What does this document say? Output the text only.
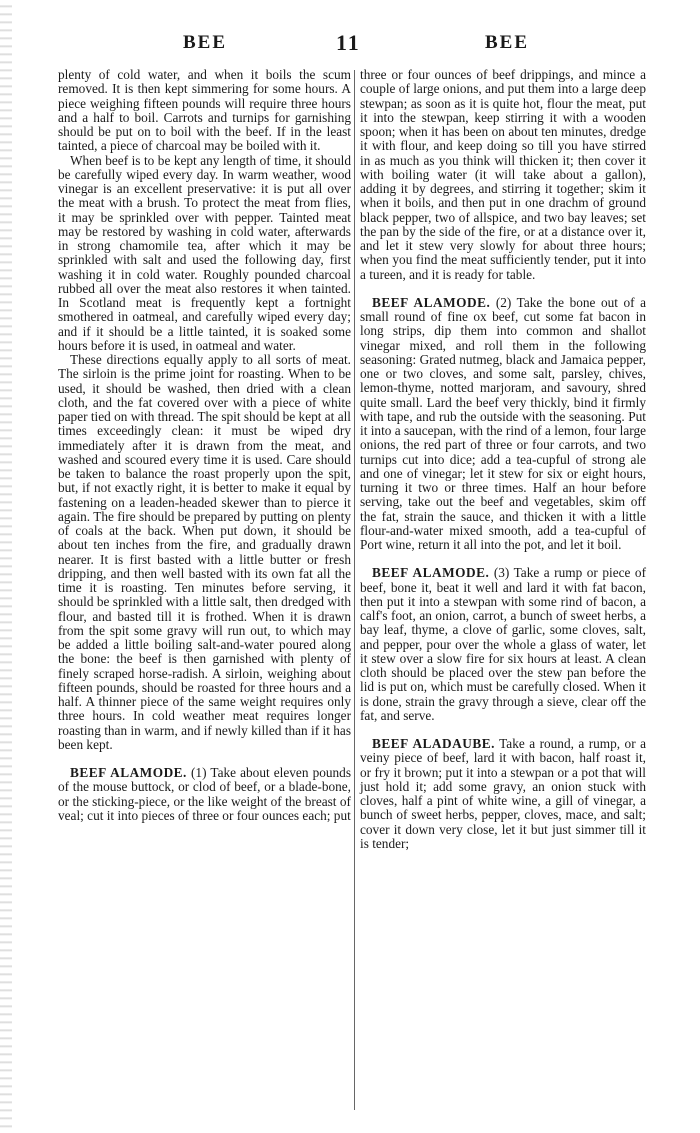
BEE	11	BEE

plenty of cold water, and when it boils the scum removed. It is then kept simmering for some hours. A piece weighing fifteen pounds will require three hours and a half to boil. Carrots and turnips for garnishing should be put on to boil with the beef. If in the least tainted, a piece of charcoal may be boiled with it.

When beef is to be kept any length of time, it should be carefully wiped every day. In warm weather, wood vinegar is an excellent preservative: it is put all over the meat with a brush. To protect the meat from flies, it may be sprinkled over with pepper. Tainted meat may be restored by washing in cold water, afterwards in strong chamomile tea, after which it may be sprinkled with salt and used the following day, first washing it in cold water. Roughly pounded charcoal rubbed all over the meat also restores it when tainted. In Scotland meat is frequently kept a fortnight smothered in oatmeal, and carefully wiped every day; and if it should be a little tainted, it is soaked some hours before it is used, in oatmeal and water.

These directions equally apply to all sorts of meat. The sirloin is the prime joint for roasting. When to be used, it should be washed, then dried with a clean cloth, and the fat covered over with a piece of white paper tied on with thread. The spit should be kept at all times exceedingly clean: it must be wiped dry immediately after it is drawn from the meat, and washed and scoured every time it is used. Care should be taken to balance the roast properly upon the spit, but, if not exactly right, it is better to make it equal by fastening on a leaden-headed skewer than to pierce it again. The fire should be prepared by putting on plenty of coals at the back. When put down, it should be about ten inches from the fire, and gradually drawn nearer. It is first basted with a little butter or fresh dripping, and then well basted with its own fat all the time it is roasting. Ten minutes before serving, it should be sprinkled with a little salt, then dredged with flour, and basted till it is frothed. When it is drawn from the spit some gravy will run out, to which may be added a little boiling salt-and-water poured along the bone: the beef is then garnished with plenty of finely scraped horse-radish. A sirloin, weighing about fifteen pounds, should be roasted for three hours and a half. A thinner piece of the same weight requires only three hours. In cold weather meat requires longer roasting than in warm, and if newly killed than if it has been kept.

BEEF ALAMODE. (1) Take about eleven pounds of the mouse buttock, or clod of beef, or a blade-bone, or the sticking-piece, or the like weight of the breast of veal; cut it into pieces of three or four ounces each; put

three or four ounces of beef drippings, and mince a couple of large onions, and put them into a large deep stewpan; as soon as it is quite hot, flour the meat, put it into the stewpan, keep stirring it with a wooden spoon; when it has been on about ten minutes, dredge it with flour, and keep doing so till you have stirred in as much as you think will thicken it; then cover it with boiling water (it will take about a gallon), adding it by degrees, and stirring it together; skim it when it boils, and then put in one drachm of ground black pepper, two of allspice, and two bay leaves; set the pan by the side of the fire, or at a distance over it, and let it stew very slowly for about three hours; when you find the meat sufficiently tender, put it into a tureen, and it is ready for table.

BEEF ALAMODE. (2) Take the bone out of a small round of fine ox beef, cut some fat bacon in long strips, dip them into common and shallot vinegar mixed, and roll them in the following seasoning: Grated nutmeg, black and Jamaica pepper, one or two cloves, and some salt, parsley, chives, lemon-thyme, notted marjoram, and savoury, shred quite small. Lard the beef very thickly, bind it firmly with tape, and rub the outside with the seasoning. Put it into a saucepan, with the rind of a lemon, four large onions, the red part of three or four carrots, and two turnips cut into dice; add a tea-cupful of strong ale and one of vinegar; let it stew for six or eight hours, turning it two or three times. Half an hour before serving, take out the beef and vegetables, skim off the fat, strain the sauce, and thicken it with a little flour-and-water mixed smooth, add a tea-cupful of Port wine, return it all into the pot, and let it boil.

BEEF ALAMODE. (3) Take a rump or piece of beef, bone it, beat it well and lard it with fat bacon, then put it into a stewpan with some rind of bacon, a calf's foot, an onion, carrot, a bunch of sweet herbs, a bay leaf, thyme, a clove of garlic, some cloves, salt, and pepper, pour over the whole a glass of water, let it stew over a slow fire for six hours at least. A clean cloth should be placed over the stew pan before the lid is put on, which must be carefully closed. When it is done, strain the gravy through a sieve, clear off the fat, and serve.

BEEF ALADAUBE. Take a round, a rump, or a veiny piece of beef, lard it with bacon, half roast it, or fry it brown; put it into a stewpan or a pot that will just hold it; add some gravy, an onion stuck with cloves, half a pint of white wine, a gill of vinegar, a bunch of sweet herbs, pepper, cloves, mace, and salt; cover it down very close, let it but just simmer till it is tender;
